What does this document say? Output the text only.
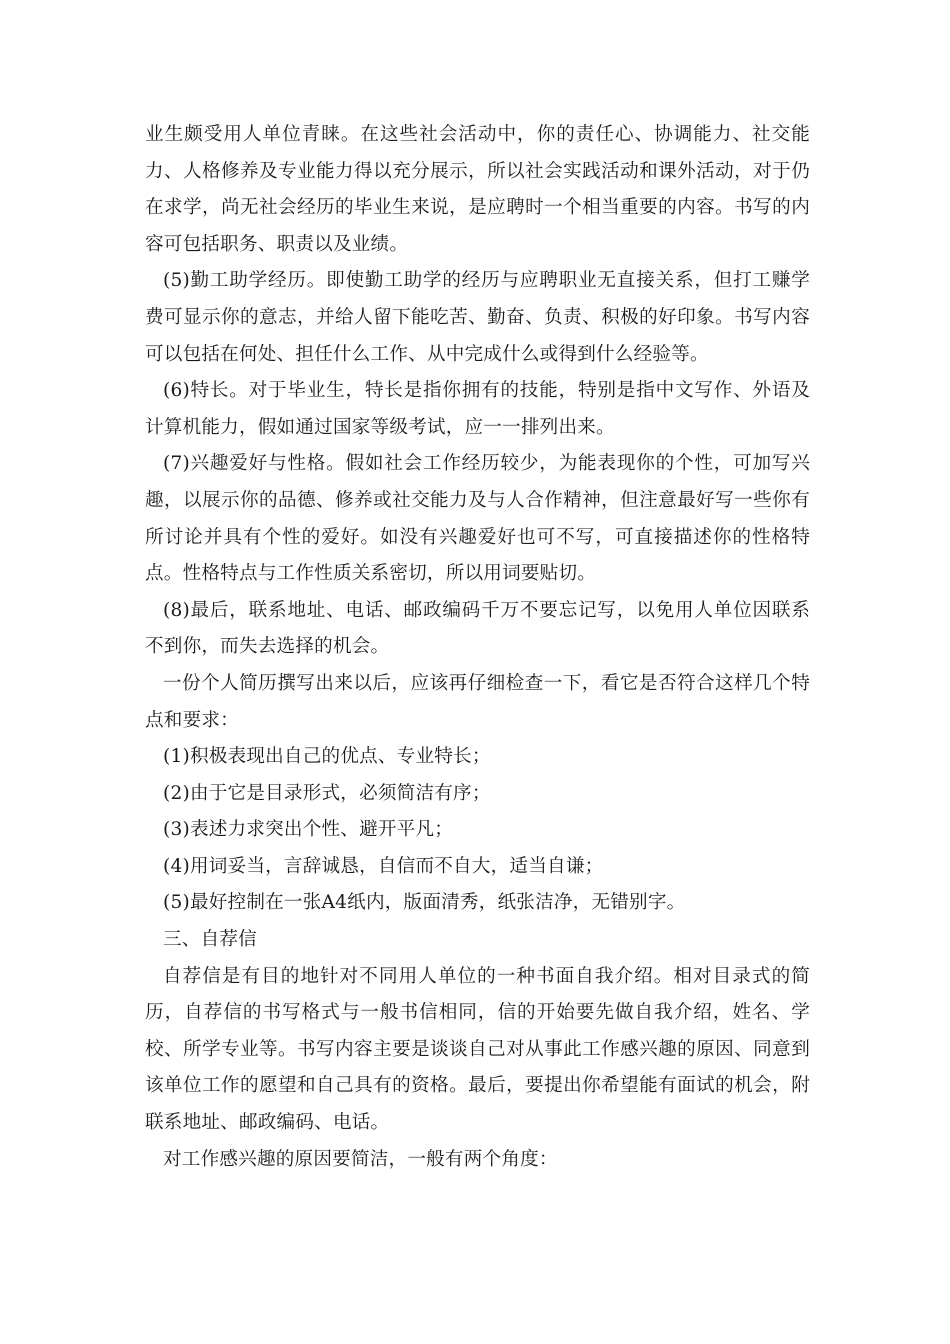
业生颇受用人单位青睐。在这些社会活动中，你的责任心、协调能力、社交能力、人格修养及专业能力得以充分展示，所以社会实践活动和课外活动，对于仍在求学，尚无社会经历的毕业生来说，是应聘时一个相当重要的内容。书写的内容可包括职务、职责以及业绩。

(5)勤工助学经历。即使勤工助学的经历与应聘职业无直接关系，但打工赚学费可显示你的意志，并给人留下能吃苦、勤奋、负责、积极的好印象。书写内容可以包括在何处、担任什么工作、从中完成什么或得到什么经验等。

(6)特长。对于毕业生，特长是指你拥有的技能，特别是指中文写作、外语及计算机能力，假如通过国家等级考试，应一一排列出来。

(7)兴趣爱好与性格。假如社会工作经历较少，为能表现你的个性，可加写兴趣，以展示你的品德、修养或社交能力及与人合作精神，但注意最好写一些你有所讨论并具有个性的爱好。如没有兴趣爱好也可不写，可直接描述你的性格特点。性格特点与工作性质关系密切，所以用词要贴切。

(8)最后，联系地址、电话、邮政编码千万不要忘记写，以免用人单位因联系不到你，而失去选择的机会。

一份个人简历撰写出来以后，应该再仔细检查一下，看它是否符合这样几个特点和要求：

(1)积极表现出自己的优点、专业特长；

(2)由于它是目录形式，必须简洁有序；

(3)表述力求突出个性、避开平凡；

(4)用词妥当，言辞诚恳，自信而不自大，适当自谦；

(5)最好控制在一张A4纸内，版面清秀，纸张洁净，无错别字。

三、自荐信

自荐信是有目的地针对不同用人单位的一种书面自我介绍。相对目录式的简历，自荐信的书写格式与一般书信相同，信的开始要先做自我介绍，姓名、学校、所学专业等。书写内容主要是谈谈自己对从事此工作感兴趣的原因、同意到该单位工作的愿望和自己具有的资格。最后，要提出你希望能有面试的机会，附联系地址、邮政编码、电话。

对工作感兴趣的原因要简洁，一般有两个角度：
